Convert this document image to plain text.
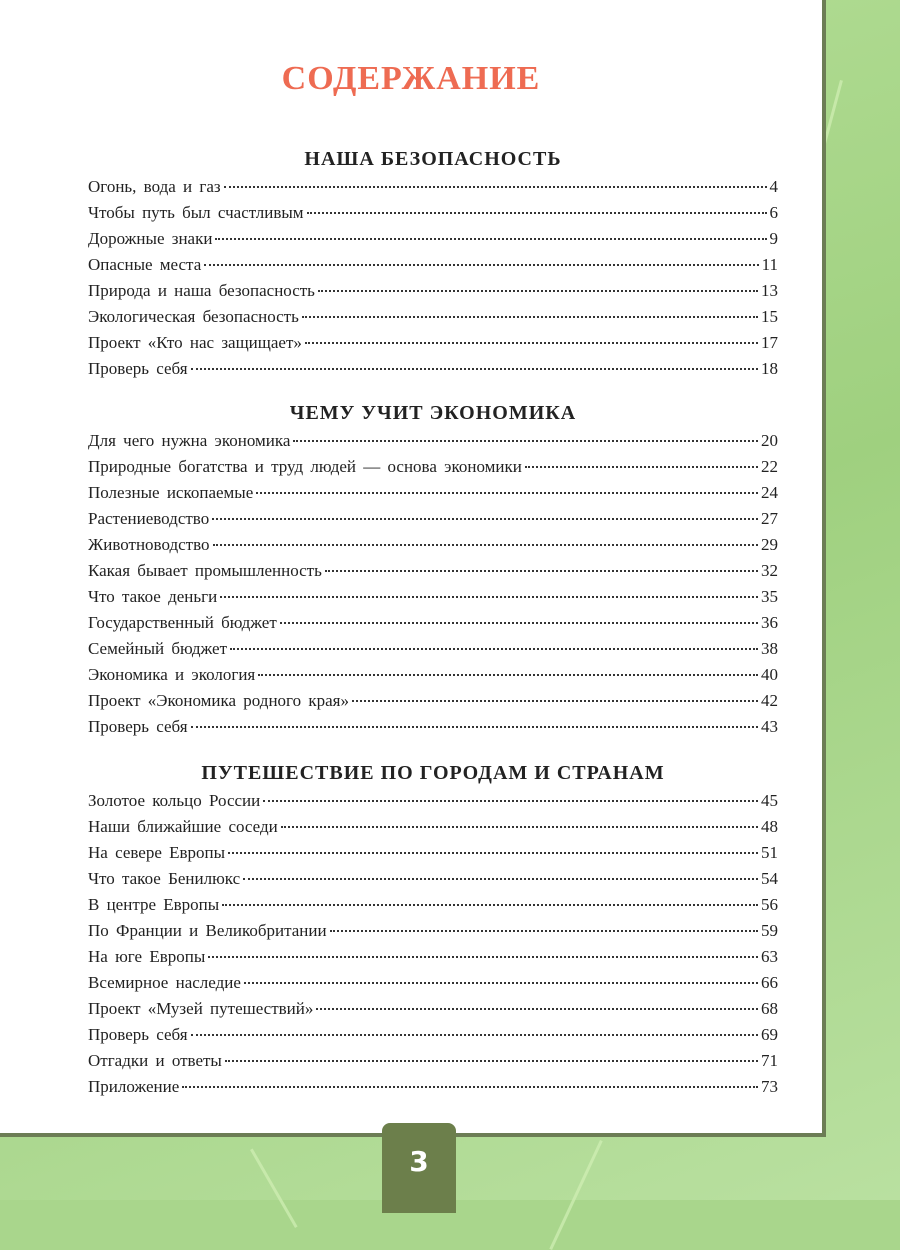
СОДЕРЖАНИЕ
НАША БЕЗОПАСНОСТЬ
Огонь, вода и газ	4
Чтобы путь был счастливым	6
Дорожные знаки	9
Опасные места	11
Природа и наша безопасность	13
Экологическая безопасность	15
Проект «Кто нас защищает»	17
Проверь себя	18
ЧЕМУ УЧИТ ЭКОНОМИКА
Для чего нужна экономика	20
Природные богатства и труд людей — основа экономики	22
Полезные ископаемые	24
Растениеводство	27
Животноводство	29
Какая бывает промышленность	32
Что такое деньги	35
Государственный бюджет	36
Семейный бюджет	38
Экономика и экология	40
Проект «Экономика родного края»	42
Проверь себя	43
ПУТЕШЕСТВИЕ ПО ГОРОДАМ И СТРАНАМ
Золотое кольцо России	45
Наши ближайшие соседи	48
На севере Европы	51
Что такое Бенилюкс	54
В центре Европы	56
По Франции и Великобритании	59
На юге Европы	63
Всемирное наследие	66
Проект «Музей путешествий»	68
Проверь себя	69
Отгадки и ответы	71
Приложение	73
3
